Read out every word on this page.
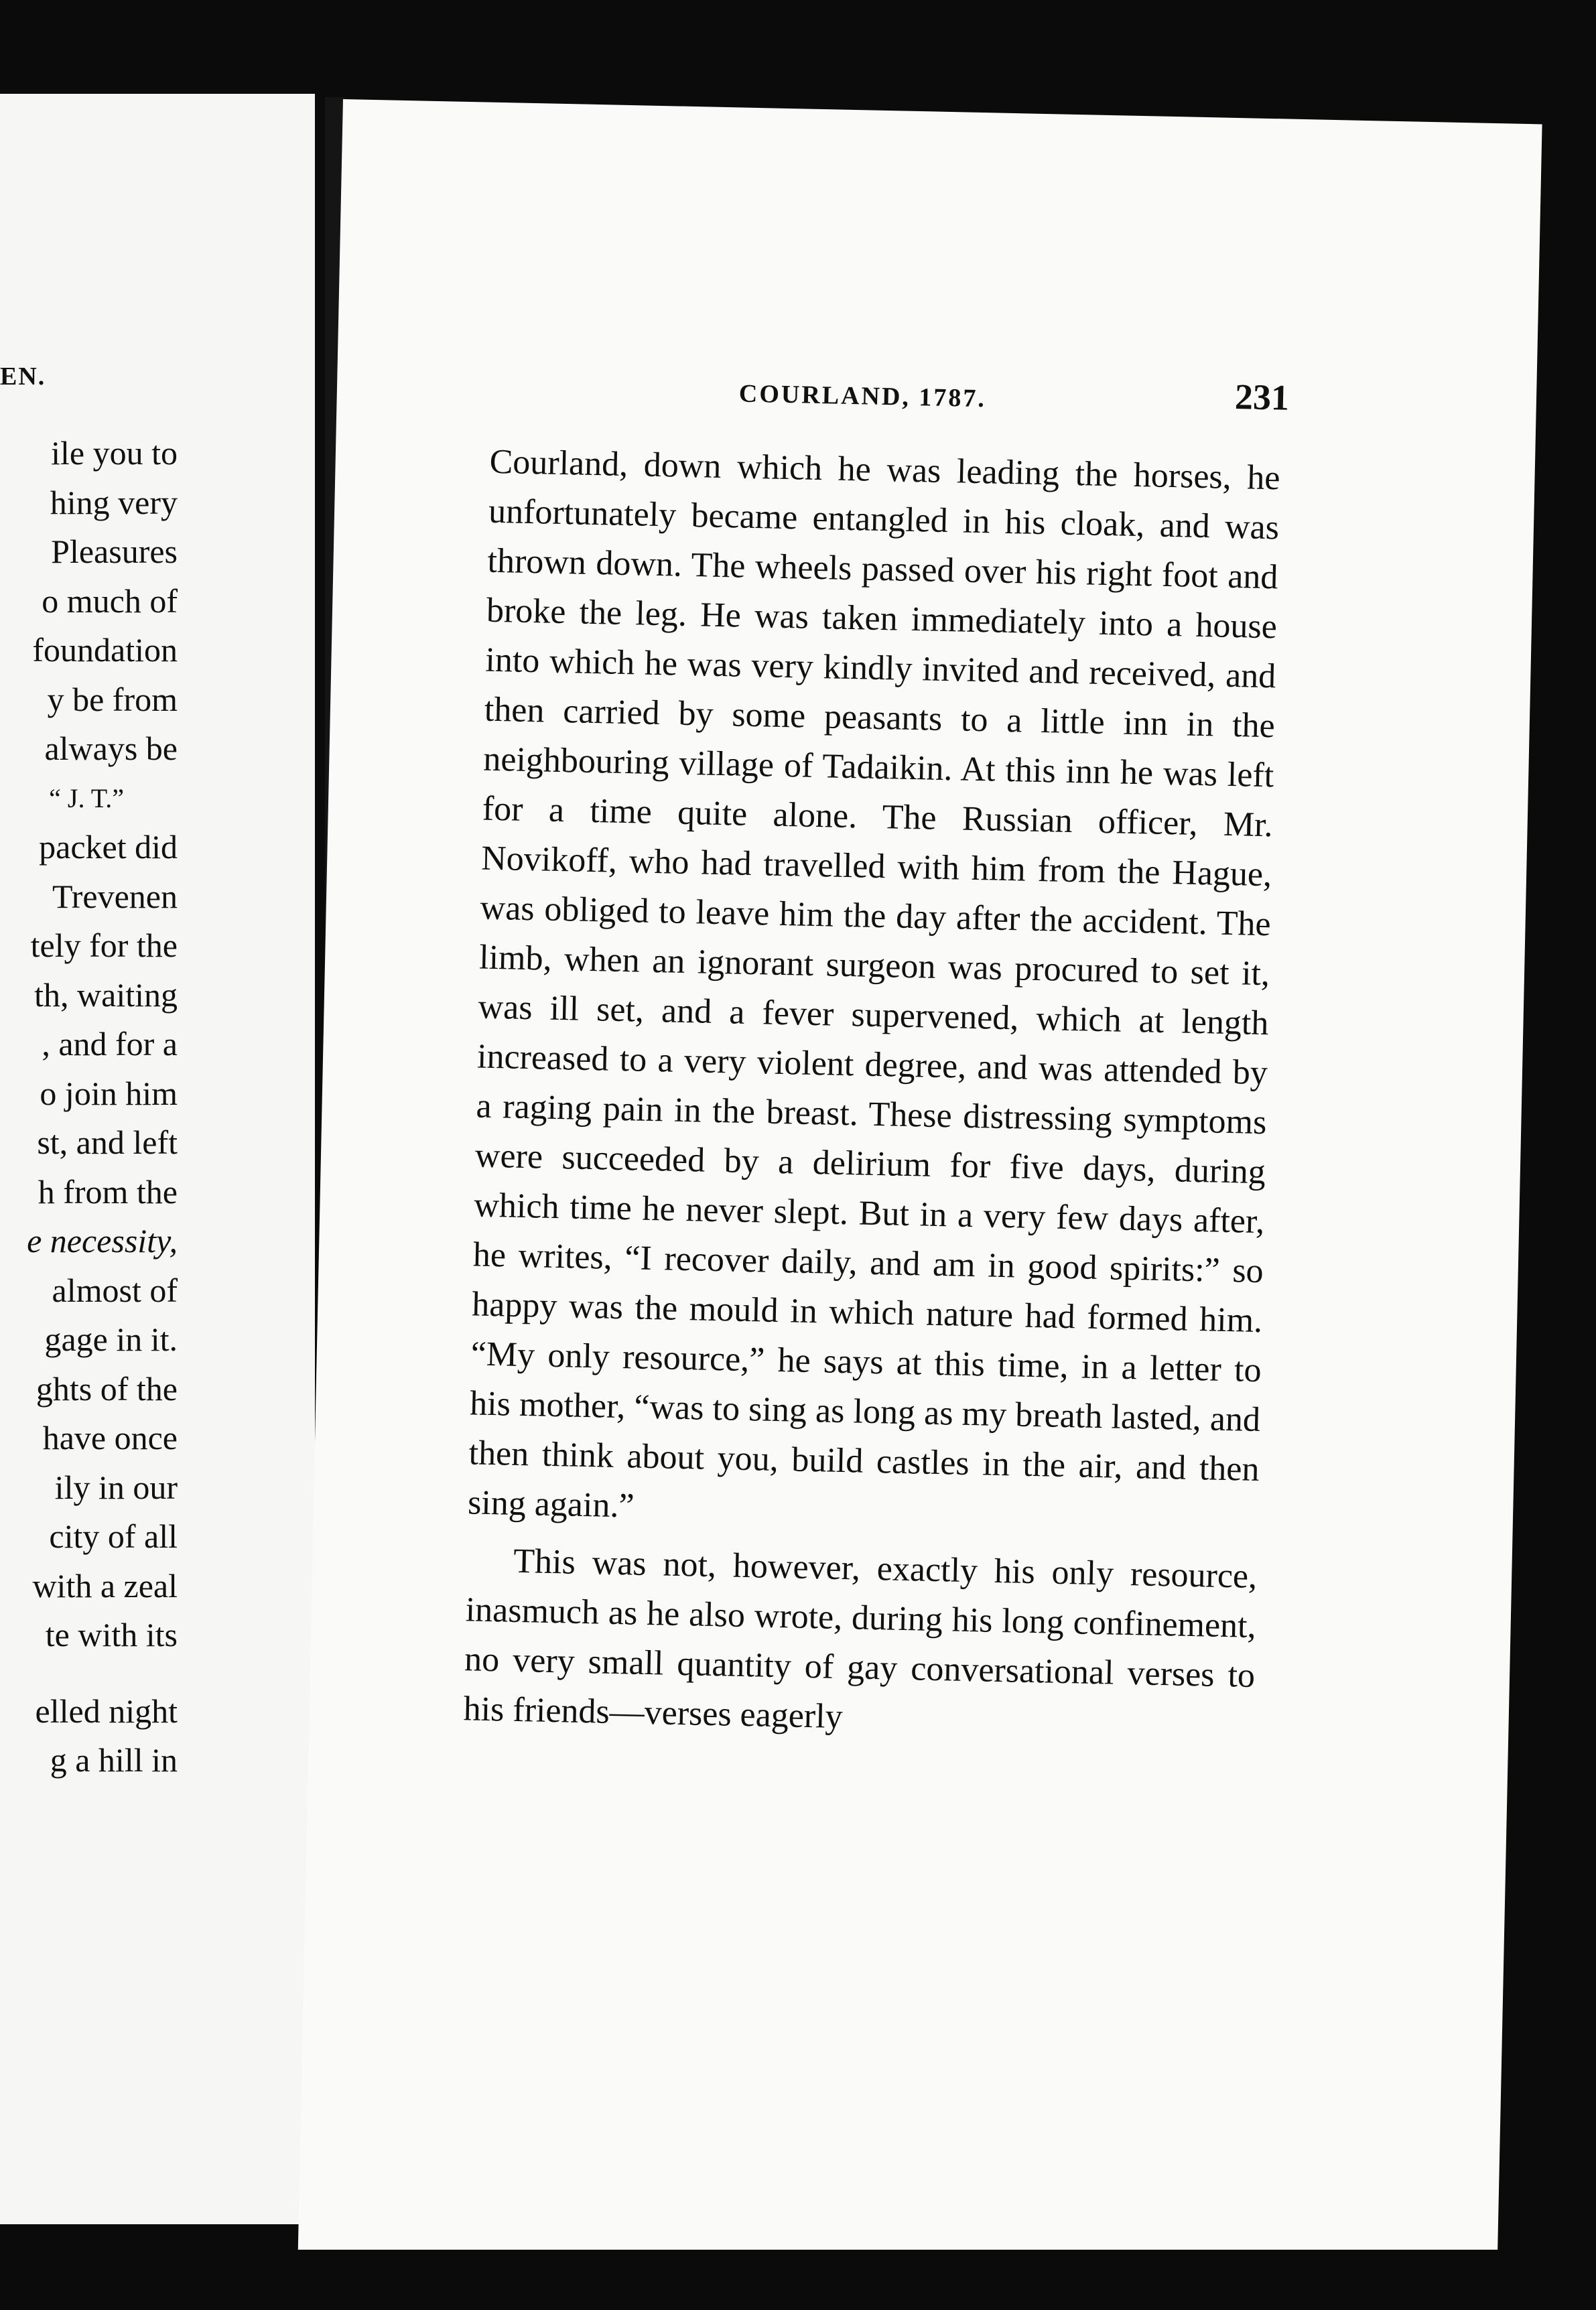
EN.
ile you to
hing very
Pleasures
o much of
foundation
y be from
always be
“ J. T.”
packet did
Trevenen
tely for the
th, waiting
, and for a
o join him
st, and left
h from the
e necessity,
almost of
gage in it.
ghts of the
have once
ily in our
city of all
with a zeal
te with its
elled night
g a hill in
COURLAND, 1787.	231

Courland, down which he was leading the horses, he unfortunately became entangled in his cloak, and was thrown down. The wheels passed over his right foot and broke the leg. He was taken immediately into a house into which he was very kindly invited and received, and then carried by some peasants to a little inn in the neighbouring village of Tadaikin. At this inn he was left for a time quite alone. The Russian officer, Mr. Novikoff, who had travelled with him from the Hague, was obliged to leave him the day after the accident. The limb, when an ignorant surgeon was procured to set it, was ill set, and a fever supervened, which at length increased to a very violent degree, and was attended by a raging pain in the breast. These distressing symptoms were succeeded by a delirium for five days, during which time he never slept. But in a very few days after, he writes, “I recover daily, and am in good spirits:” so happy was the mould in which nature had formed him. “My only resource,” he says at this time, in a letter to his mother, “was to sing as long as my breath lasted, and then think about you, build castles in the air, and then sing again.”

This was not, however, exactly his only resource, inasmuch as he also wrote, during his long confinement, no very small quantity of gay conversational verses to his friends—verses eagerly
